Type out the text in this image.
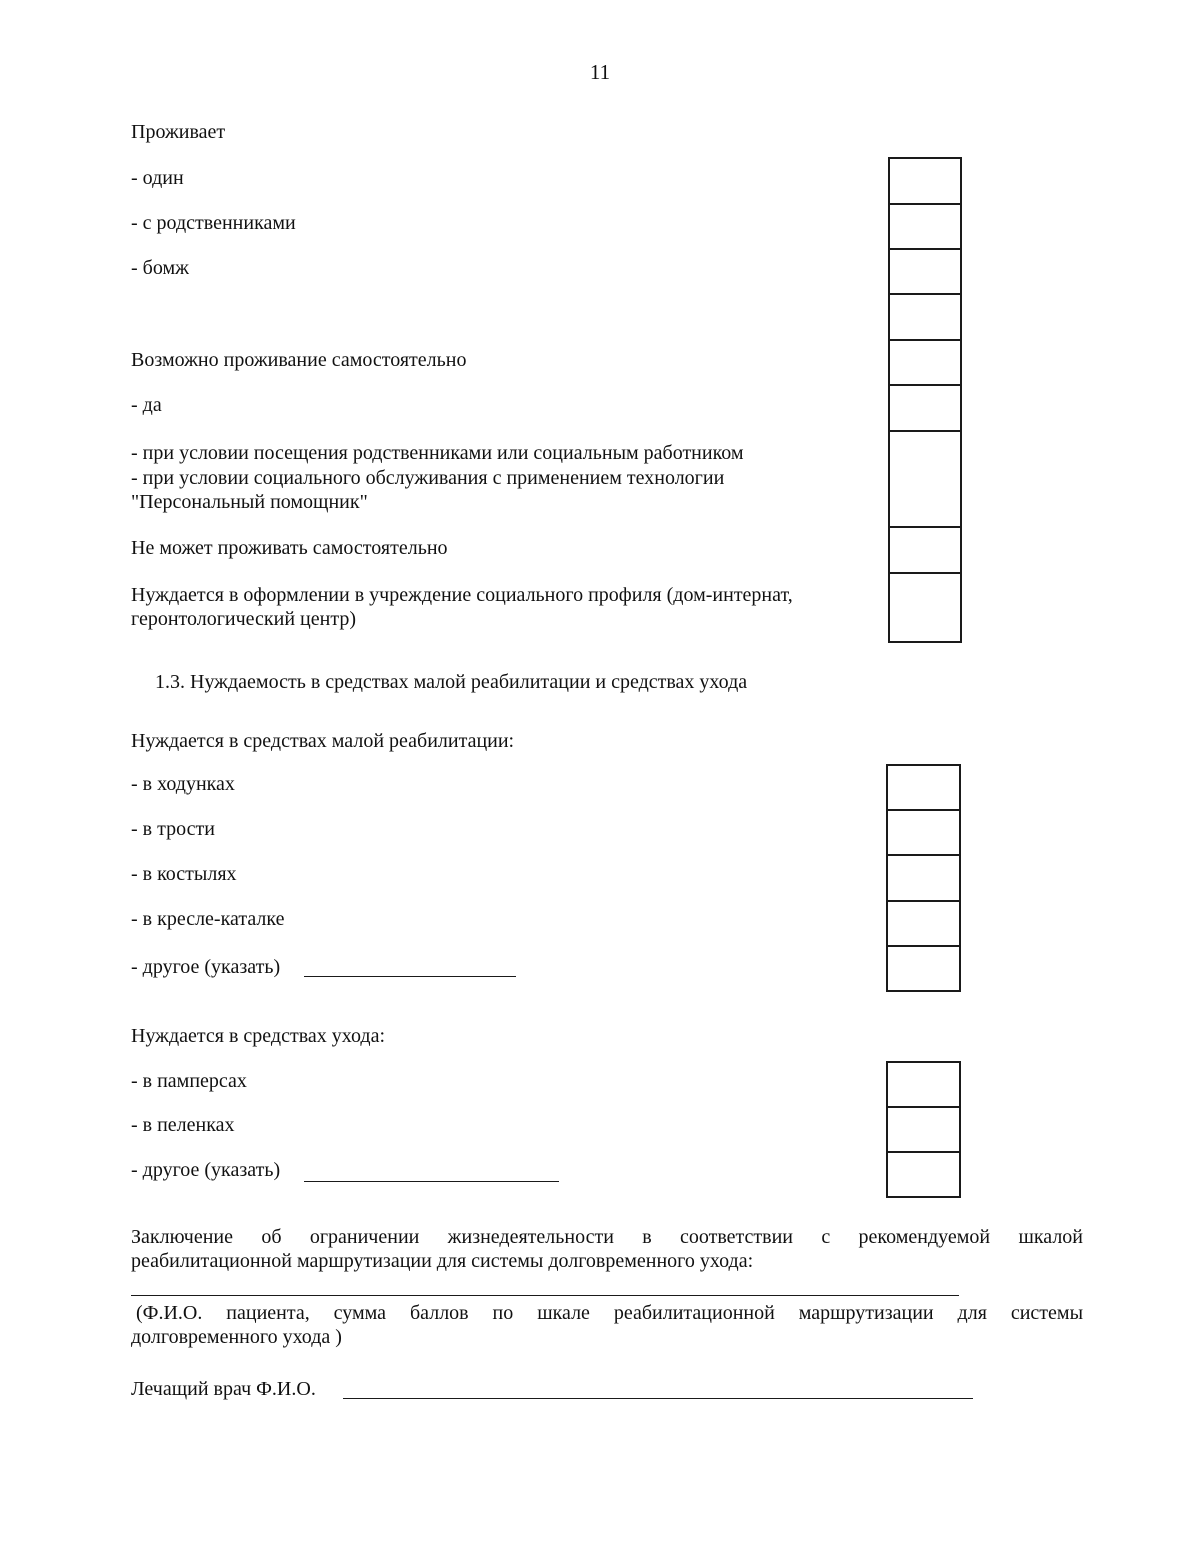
11
Проживает
- один
- с родственниками
- бомж
Возможно проживание самостоятельно
- да
- при условии посещения родственниками или социальным работником
- при условии социального обслуживания с применением технологии
"Персональный помощник"
Не может проживать самостоятельно
Нуждается в оформлении в учреждение социального профиля (дом-интернат,
геронтологический центр)
1.3. Нуждаемость в средствах малой реабилитации и средствах ухода
Нуждается в средствах малой реабилитации:
- в ходунках
- в трости
- в костылях
- в кресле-каталке
- другое (указать)
Нуждается в средствах ухода:
- в памперсах
- в пеленках
- другое (указать)
Заключение об ограничении жизнедеятельности в соответствии с рекомендуемой шкалой
реабилитационной маршрутизации для системы долговременного ухода:
(Ф.И.О. пациента, сумма баллов по шкале реабилитационной маршрутизации для системы
долговременного ухода )
Лечащий врач Ф.И.О.
